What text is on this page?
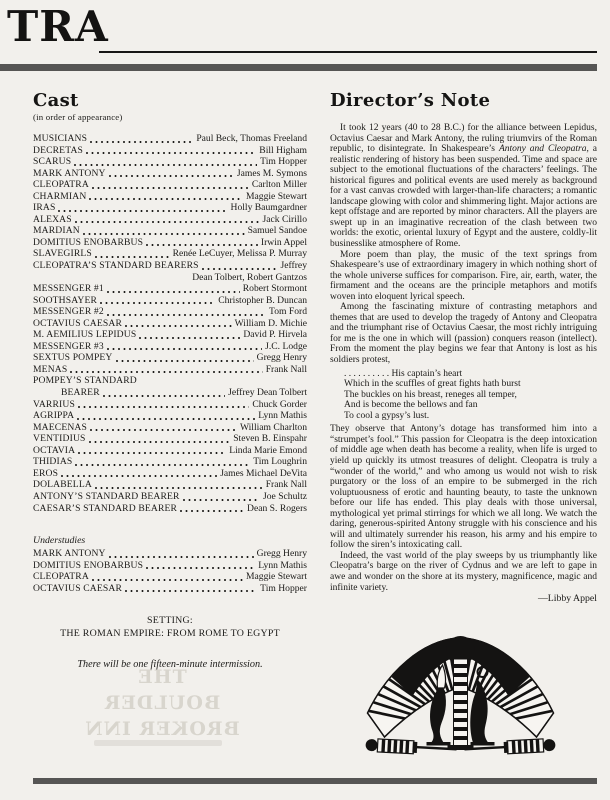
TRA
Cast
(in order of appearance)
MUSICIANS	Paul Beck, Thomas Freeland
DECRETAS	Bill Higham
SCARUS	Tim Hopper
MARK ANTONY	James M. Symons
CLEOPATRA	Carlton Miller
CHARMIAN	Maggie Stewart
IRAS	Holly Baumgardner
ALEXAS	Jack Cirillo
MARDIAN	Samuel Sandoe
DOMITIUS ENOBARBUS	Irwin Appel
SLAVEGIRLS	Renée LeCuyer, Melissa P. Murray
CLEOPATRA’S STANDARD BEARERS	Jeffrey
Dean Tolbert, Robert Gantzos
MESSENGER #1	Robert Stormont
SOOTHSAYER	Christopher B. Duncan
MESSENGER #2	Tom Ford
OCTAVIUS CAESAR	William D. Michie
M. AEMILIUS LEPIDUS	David P. Hirvela
MESSENGER #3	J.C. Lodge
SEXTUS POMPEY	Gregg Henry
MENAS	Frank Nall
POMPEY’S STANDARD
BEARER	Jeffrey Dean Tolbert
VARRIUS	Chuck Gorder
AGRIPPA	Lynn Mathis
MAECENAS	William Charlton
VENTIDIUS	Steven B. Einspahr
OCTAVIA	Linda Marie Emond
THIDIAS	Tim Loughrin
EROS	James Michael DeVita
DOLABELLA	Frank Nall
ANTONY’S STANDARD BEARER	Joe Schultz
CAESAR’S STANDARD BEARER	Dean S. Rogers
Understudies
MARK ANTONY	Gregg Henry
DOMITIUS ENOBARBUS	Lynn Mathis
CLEOPATRA	Maggie Stewart
OCTAVIUS CAESAR	Tim Hopper
SETTING:
THE ROMAN EMPIRE: FROM ROME TO EGYPT
There will be one fifteen-minute intermission.
Director’s Note

It took 12 years (40 to 28 B.C.) for the alliance between Lepidus, Octavius Caesar and Mark Antony, the ruling triumvirs of the Roman republic, to disintegrate. In Shakespeare’s Antony and Cleopatra, a realistic rendering of history has been suspended. Time and space are subject to the emotional fluctuations of the characters’ feelings. The historical figures and political events are used merely as background for a vast canvas crowded with larger-than-life characters; a romantic landscape glowing with color and shimmering light. Major actions are kept offstage and are reported by minor characters. All the players are swept up in an imaginative recreation of the clash between two worlds: the exotic, oriental luxury of Egypt and the austere, coldly-lit businesslike atmosphere of Rome.

More poem than play, the music of the text springs from Shakespeare’s use of extraordinary imagery in which nothing short of the whole universe suffices for comparison. Fire, air, earth, water, the firmament and the oceans are the principle metaphors and motifs woven into eloquent lyrical speech.

Among the fascinating mixture of contrasting metaphors and themes that are used to develop the tragedy of Antony and Cleopatra and the triumphant rise of Octavius Caesar, the most richly intriguing for me is the one in which will (passion) conquers reason (intellect). From the moment the play begins we fear that Antony is lost as his soldiers protest,

. . . . . . . . . . His captain’s heart
Which in the scuffles of great fights hath burst
The buckles on his breast, reneges all temper,
And is become the bellows and fan
To cool a gypsy’s lust.

They observe that Antony’s dotage has transformed him into a “strumpet’s fool.” This passion for Cleopatra is the deep intoxication of middle age when death has become a reality, when life is urged to yield up quickly its utmost treasures of delight. Cleopatra is truly a “wonder of the world,” and who among us would not wish to risk purgatory or the loss of an empire to be submerged in the rich voluptuousness of erotic and haunting beauty, to taste the unknown before our life has ended. This play deals with those universal, mythological yet primal stirrings for which we all long. We watch the daring, generous-spirited Antony struggle with his conscience and his will and ultimately surrender his reason, his army and his empire to follow the siren’s intoxicating call.

Indeed, the vast world of the play sweeps by us triumphantly like Cleopatra’s barge on the river of Cydnus and we are left to gape in awe and wonder on the shore at its mystery, magnificence, magic and infinite variety.

—Libby Appel
THE BOULDER
BROKER INN
